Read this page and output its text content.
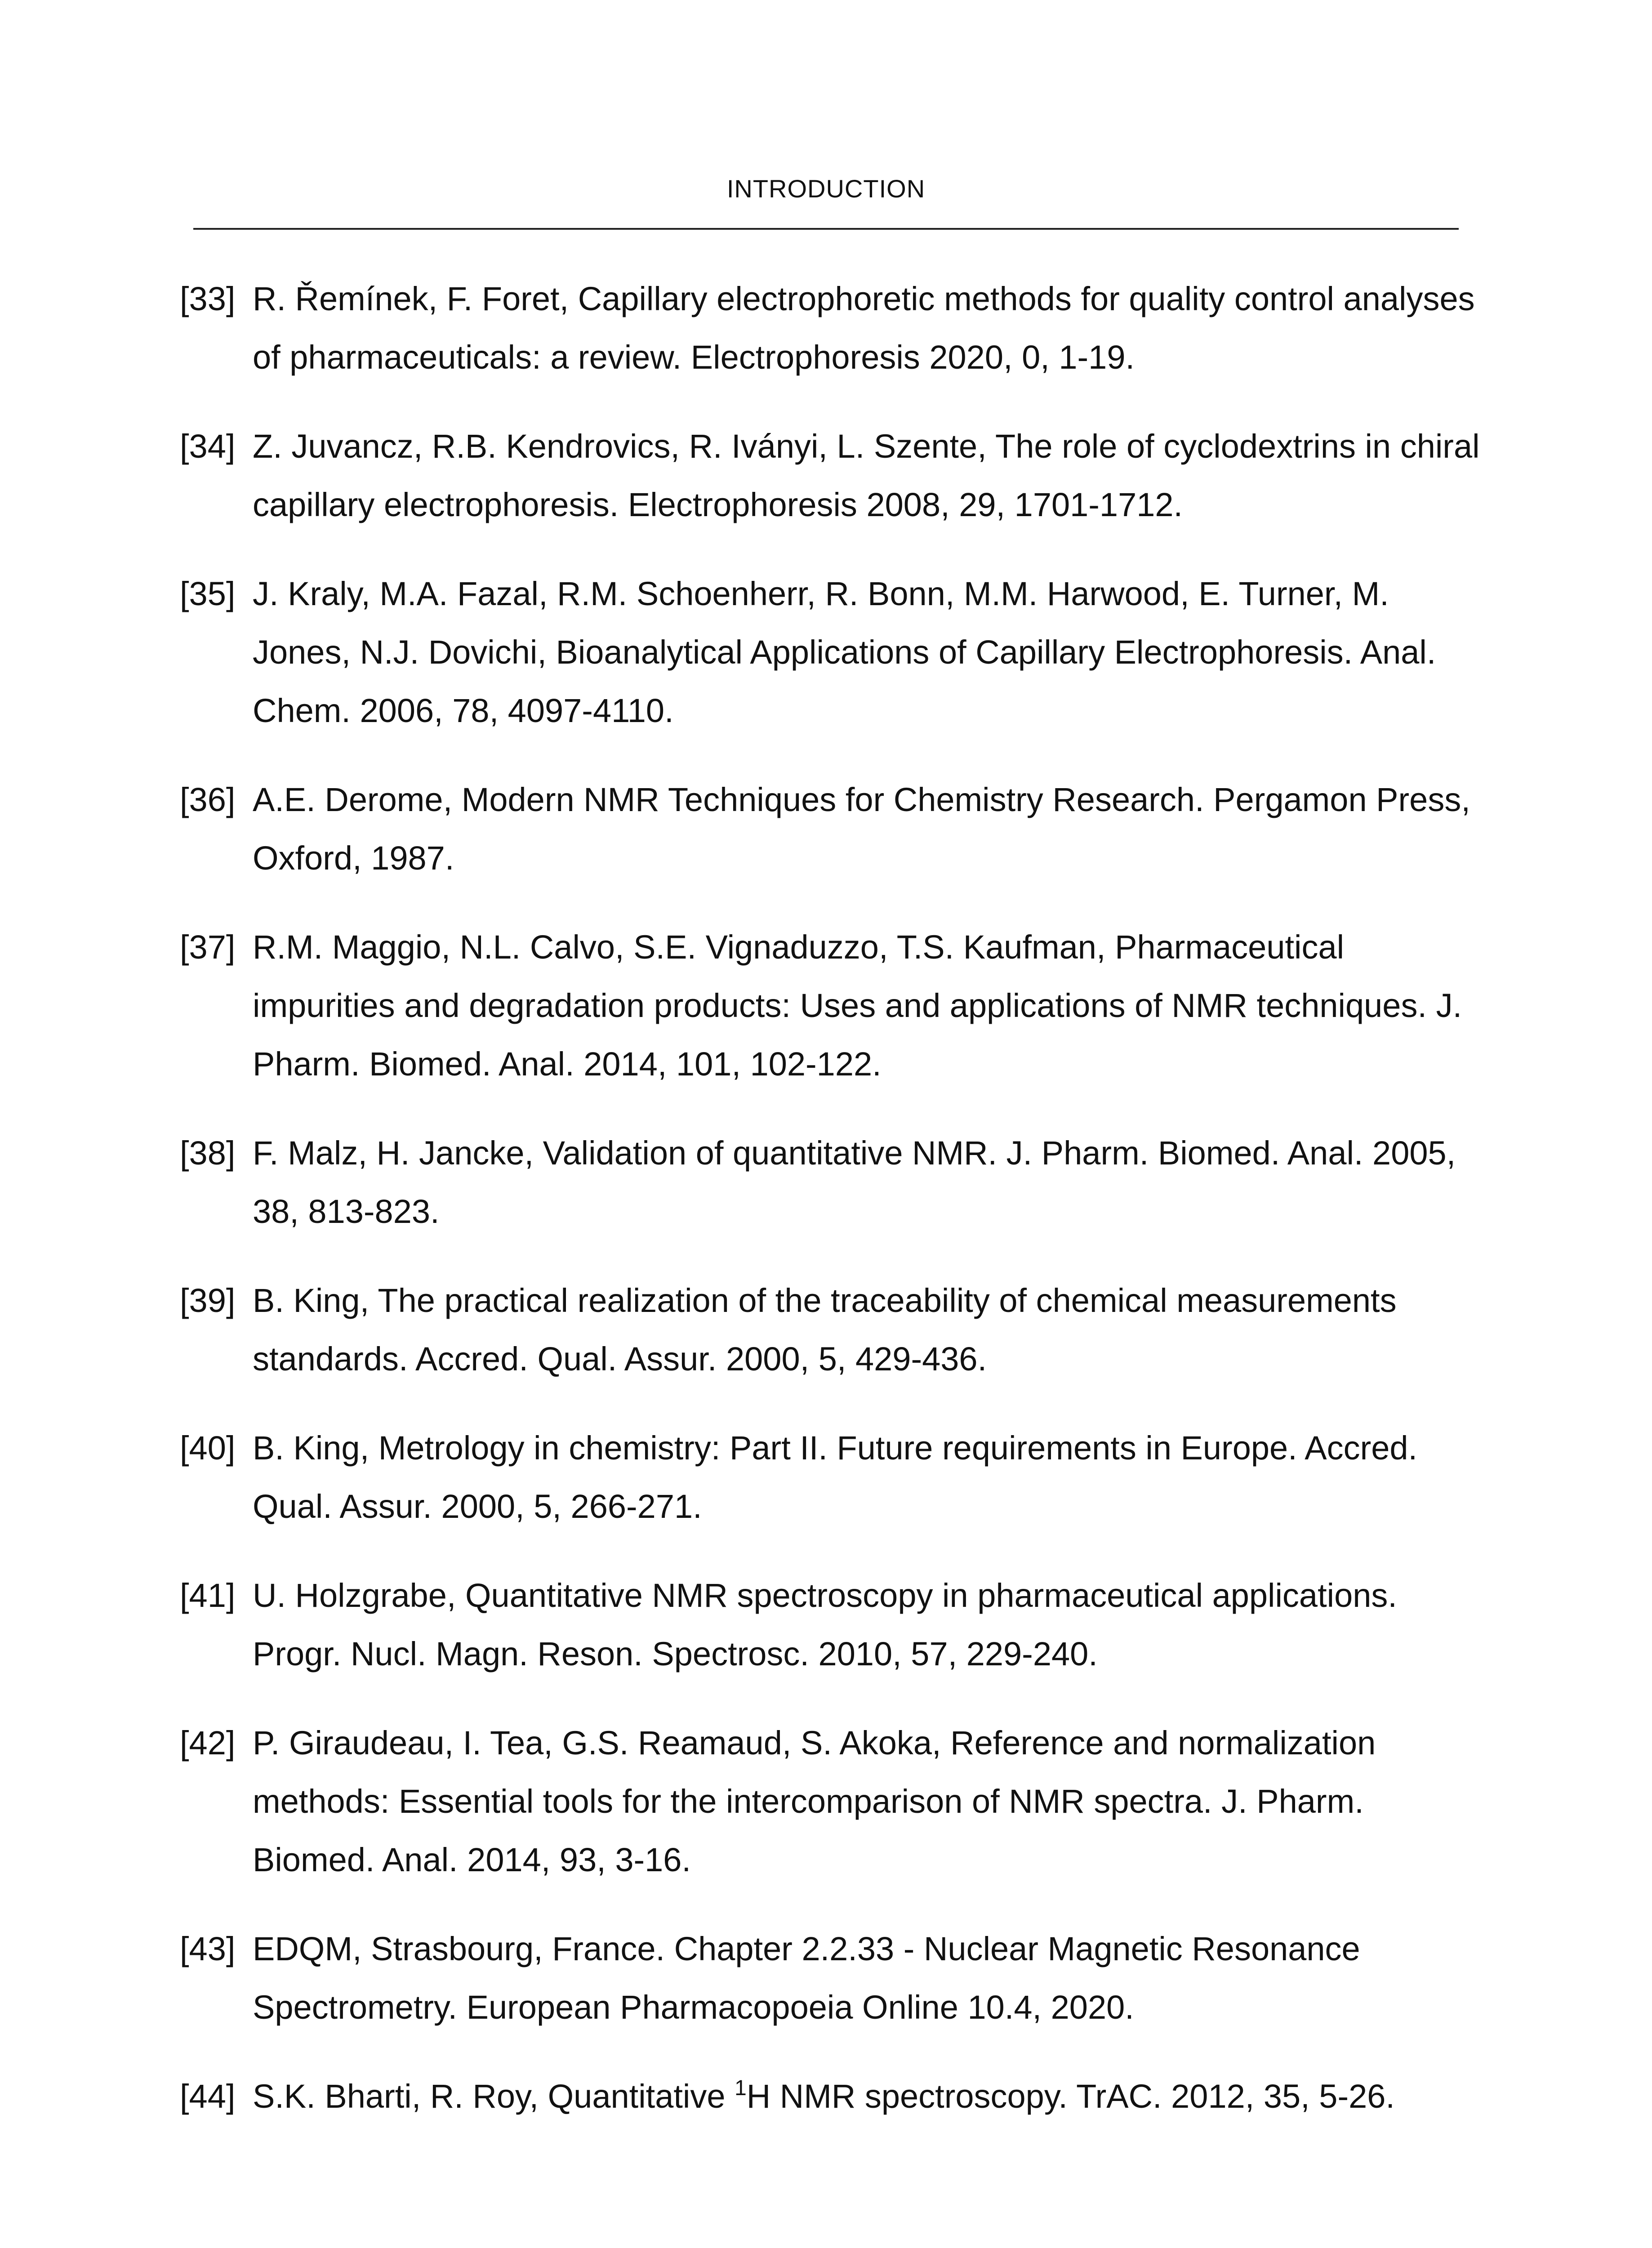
INTRODUCTION
[33] R. Řemínek, F. Foret, Capillary electrophoretic methods for quality control analyses of pharmaceuticals: a review. Electrophoresis 2020, 0, 1-19.
[34] Z. Juvancz, R.B. Kendrovics, R. Iványi, L. Szente, The role of cyclodextrins in chiral capillary electrophoresis. Electrophoresis 2008, 29, 1701-1712.
[35] J. Kraly, M.A. Fazal, R.M. Schoenherr, R. Bonn, M.M. Harwood, E. Turner, M. Jones, N.J. Dovichi, Bioanalytical Applications of Capillary Electrophoresis. Anal. Chem. 2006, 78, 4097-4110.
[36] A.E. Derome, Modern NMR Techniques for Chemistry Research. Pergamon Press, Oxford, 1987.
[37] R.M. Maggio, N.L. Calvo, S.E. Vignaduzzo, T.S. Kaufman, Pharmaceutical impurities and degradation products: Uses and applications of NMR techniques. J. Pharm. Biomed. Anal. 2014, 101, 102-122.
[38] F. Malz, H. Jancke, Validation of quantitative NMR. J. Pharm. Biomed. Anal. 2005, 38, 813-823.
[39] B. King, The practical realization of the traceability of chemical measurements standards. Accred. Qual. Assur. 2000, 5, 429-436.
[40] B. King, Metrology in chemistry: Part II. Future requirements in Europe. Accred. Qual. Assur. 2000, 5, 266-271.
[41] U. Holzgrabe, Quantitative NMR spectroscopy in pharmaceutical applications. Progr. Nucl. Magn. Reson. Spectrosc. 2010, 57, 229-240.
[42] P. Giraudeau, I. Tea, G.S. Reamaud, S. Akoka, Reference and normalization methods: Essential tools for the intercomparison of NMR spectra. J. Pharm. Biomed. Anal. 2014, 93, 3-16.
[43] EDQM, Strasbourg, France. Chapter 2.2.33 - Nuclear Magnetic Resonance Spectrometry. European Pharmacopoeia Online 10.4, 2020.
[44] S.K. Bharti, R. Roy, Quantitative $^1$H NMR spectroscopy. TrAC. 2012, 35, 5-26.
